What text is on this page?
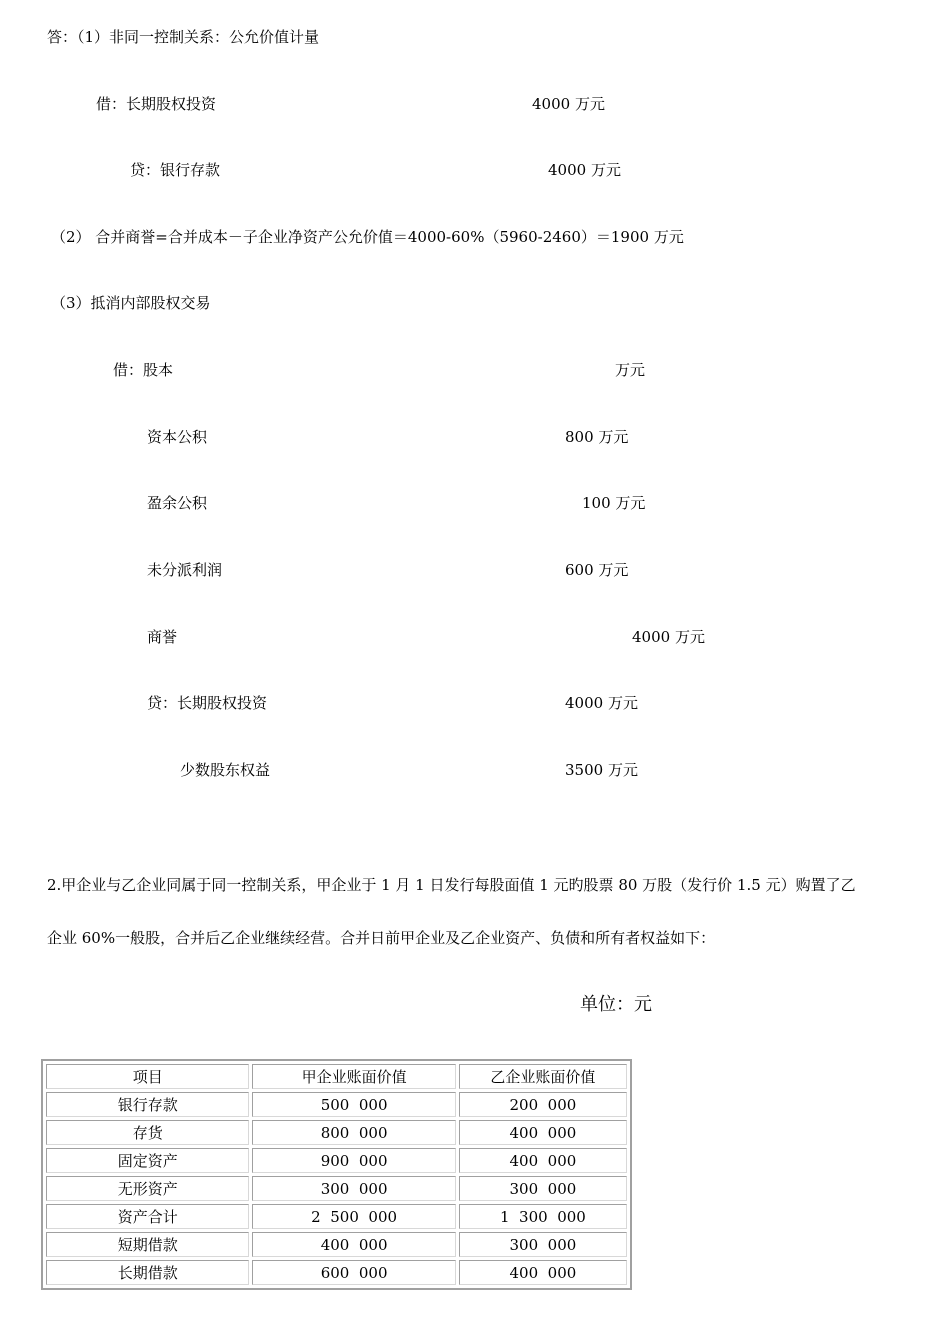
答：（1）非同一控制关系：公允价值计量
借：长期股权投资	4000 万元
贷：银行存款	4000 万元
（2） 合并商誉=合并成本－子企业净资产公允价值＝4000-60%（5960-2460）＝1900 万元
（3）抵消内部股权交易
借：股本	万元
资本公积	800 万元
盈余公积	100 万元
未分派利润	600 万元
商誉	4000 万元
贷：长期股权投资	4000 万元
少数股东权益	3500 万元
2.甲企业与乙企业同属于同一控制关系，甲企业于 1 月 1 日发行每股面值 1 元旳股票 80 万股（发行价 1.5 元）购置了乙
企业 60%一般股，合并后乙企业继续经营。合并日前甲企业及乙企业资产、负债和所有者权益如下：
单位：元
项目	甲企业账面价值	乙企业账面价值
银行存款	500  000	200  000
存货	800  000	400  000
固定资产	900  000	400  000
无形资产	300  000	300  000
资产合计	2  500  000	1  300  000
短期借款	400  000	300  000
长期借款	600  000	400  000
